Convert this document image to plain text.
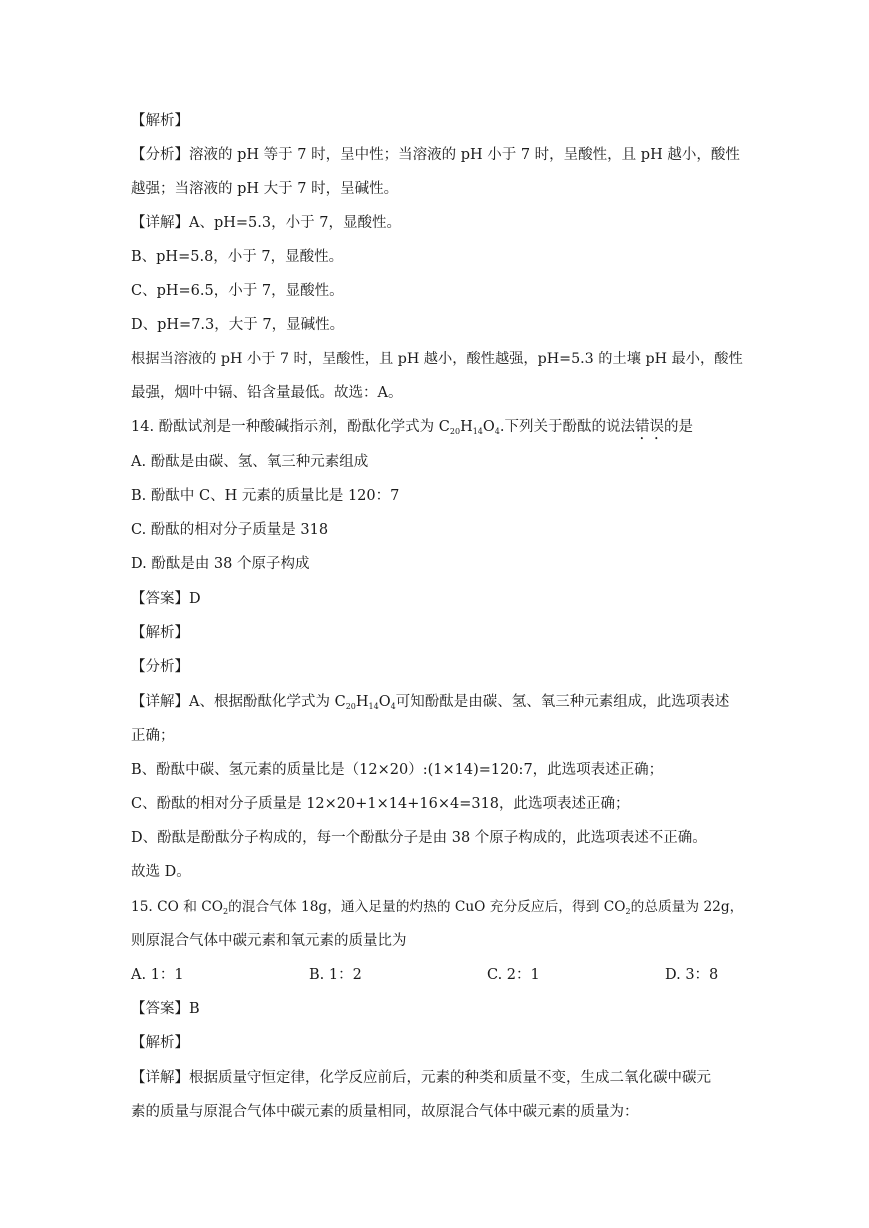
【解析】
【分析】溶液的 pH 等于 7 时，呈中性；当溶液的 pH 小于 7 时，呈酸性，且 pH 越小，酸性
越强；当溶液的 pH 大于 7 时，呈碱性。
【详解】A、pH=5.3，小于 7，显酸性。
B、pH=5.8，小于 7，显酸性。
C、pH=6.5，小于 7，显酸性。
D、pH=7.3，大于 7，显碱性。
根据当溶液的 pH 小于 7 时，呈酸性，且 pH 越小，酸性越强，pH=5.3 的土壤 pH 最小，酸性
最强，烟叶中镉、铅含量最低。故选：A。
14. 酚酞试剂是一种酸碱指示剂，酚酞化学式为 $C_{20}H_{14}O_4$.下列关于酚酞的说法错误的是
A. 酚酞是由碳、氢、氧三种元素组成
B. 酚酞中 C、H 元素的质量比是 120：7
C. 酚酞的相对分子质量是 318
D. 酚酞是由 38 个原子构成
【答案】D
【解析】
【分析】
【详解】A、根据酚酞化学式为 $C_{20}H_{14}O_4$可知酚酞是由碳、氢、氧三种元素组成，此选项表述
正确；
B、酚酞中碳、氢元素的质量比是（12×20）:(1×14)=120:7，此选项表述正确；
C、酚酞的相对分子质量是 12×20+1×14+16×4=318，此选项表述正确；
D、酚酞是酚酞分子构成的，每一个酚酞分子是由 38 个原子构成的，此选项表述不正确。
故选 D。
15. CO 和 $CO_2$的混合气体 18g，通入足量的灼热的 CuO 充分反应后，得到 $CO_2$的总质量为 22g，
则原混合气体中碳元素和氧元素的质量比为
A. 1：1	B. 1：2	C. 2：1	D. 3：8
【答案】B
【解析】
【详解】根据质量守恒定律，化学反应前后，元素的种类和质量不变，生成二氧化碳中碳元
素的质量与原混合气体中碳元素的质量相同，故原混合气体中碳元素的质量为：
